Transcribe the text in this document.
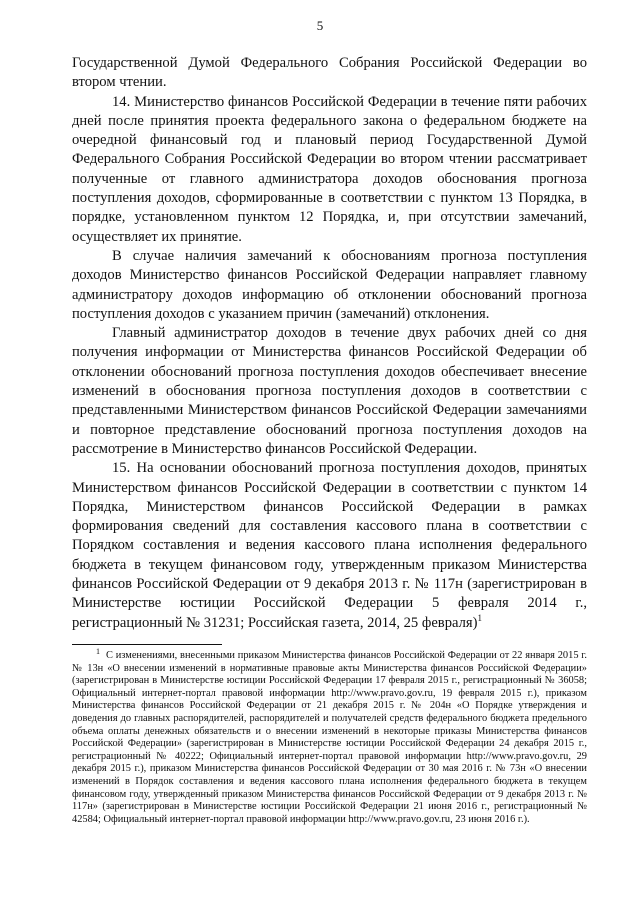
5

Государственной Думой Федерального Собрания Российской Федерации во втором чтении.

14. Министерство финансов Российской Федерации в течение пяти рабочих дней после принятия проекта федерального закона о федеральном бюджете на очередной финансовый год и плановый период Государственной Думой Федерального Собрания Российской Федерации во втором чтении рассматривает полученные от главного администратора доходов обоснования прогноза поступления доходов, сформированные в соответствии с пунктом 13 Порядка, в порядке, установленном пунктом 12 Порядка, и, при отсутствии замечаний, осуществляет их принятие.

В случае наличия замечаний к обоснованиям прогноза поступления доходов Министерство финансов Российской Федерации направляет главному администратору доходов информацию об отклонении обоснований прогноза поступления доходов с указанием причин (замечаний) отклонения.

Главный администратор доходов в течение двух рабочих дней со дня получения информации от Министерства финансов Российской Федерации об отклонении обоснований прогноза поступления доходов обеспечивает внесение изменений в обоснования прогноза поступления доходов в соответствии с представленными Министерством финансов Российской Федерации замечаниями и повторное представление обоснований прогноза поступления доходов на рассмотрение в Министерство финансов Российской Федерации.

15. На основании обоснований прогноза поступления доходов, принятых Министерством финансов Российской Федерации в соответствии с пунктом 14 Порядка, Министерством финансов Российской Федерации в рамках формирования сведений для составления кассового плана в соответствии с Порядком составления и ведения кассового плана исполнения федерального бюджета в текущем финансовом году, утвержденным приказом Министерства финансов Российской Федерации от 9 декабря 2013 г. № 117н (зарегистрирован в Министерстве юстиции Российской Федерации 5 февраля 2014 г., регистрационный № 31231; Российская газета, 2014, 25 февраля)$^1$

$^1$ С изменениями, внесенными приказом Министерства финансов Российской Федерации от 22 января 2015 г. № 13н «О внесении изменений в нормативные правовые акты Министерства финансов Российской Федерации» (зарегистрирован в Министерстве юстиции Российской Федерации 17 февраля 2015 г., регистрационный № 36058; Официальный интернет-портал правовой информации http://www.pravo.gov.ru, 19 февраля 2015 г.), приказом Министерства финансов Российской Федерации от 21 декабря 2015 г. № 204н «О Порядке утверждения и доведения до главных распорядителей, распорядителей и получателей средств федерального бюджета предельного объема оплаты денежных обязательств и о внесении изменений в некоторые приказы Министерства финансов Российской Федерации» (зарегистрирован в Министерстве юстиции Российской Федерации 24 декабря 2015 г., регистрационный № 40222; Официальный интернет-портал правовой информации http://www.pravo.gov.ru, 29 декабря 2015 г.), приказом Министерства финансов Российской Федерации от 30 мая 2016 г. № 73н «О внесении изменений в Порядок составления и ведения кассового плана исполнения федерального бюджета в текущем финансовом году, утвержденный приказом Министерства финансов Российской Федерации от 9 декабря 2013 г. № 117н» (зарегистрирован в Министерстве юстиции Российской Федерации 21 июня 2016 г., регистрационный № 42584; Официальный интернет-портал правовой информации http://www.pravo.gov.ru, 23 июня 2016 г.).
